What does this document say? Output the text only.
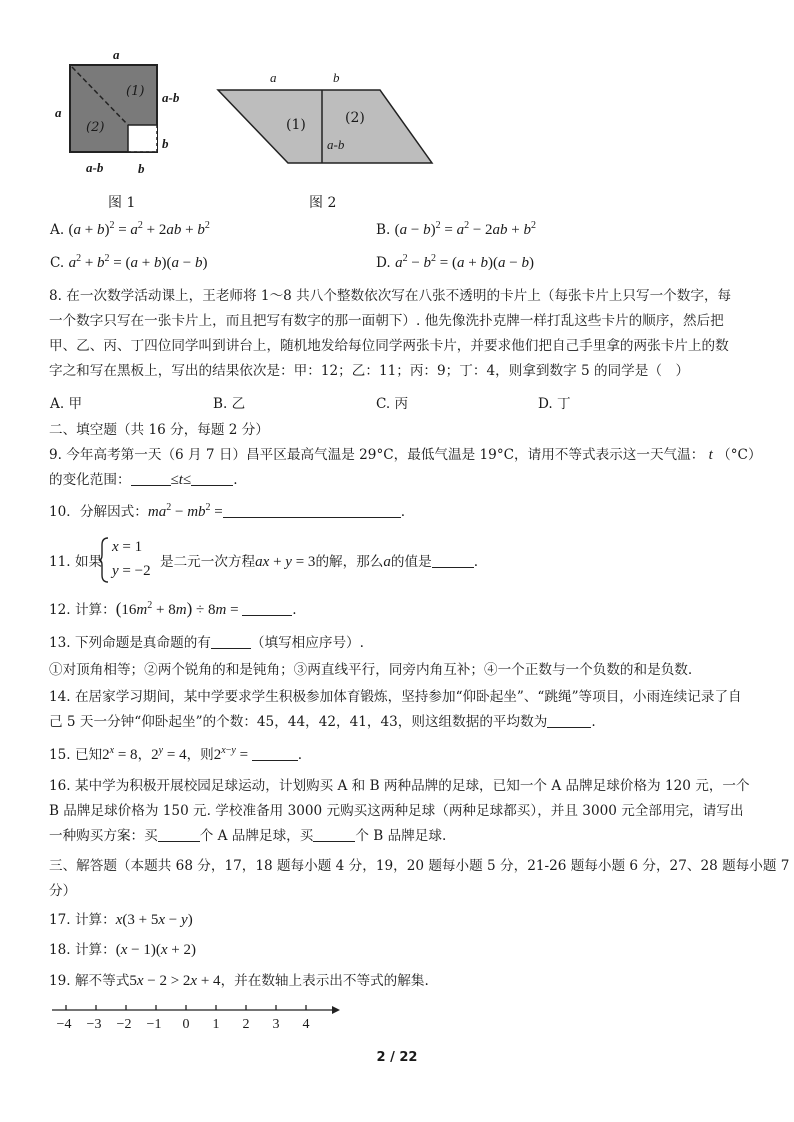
a
a
a-b
b
a-b	b
(1)
(2)
图 1
a	b
a-b
(1)	(2)
图 2
A. $(a + b)^2 = a^2 + 2ab + b^2$	B. $(a - b)^2 = a^2 - 2ab + b^2$
C. $a^2 + b^2 = (a + b)(a - b)$	D. $a^2 - b^2 = (a + b)(a - b)$
8. 在一次数学活动课上，王老师将 1～8 共八个整数依次写在八张不透明的卡片上（每张卡片上只写一个数字，每
一个数字只写在一张卡片上，而且把写有数字的那一面朝下）. 他先像洗扑克牌一样打乱这些卡片的顺序，然后把
甲、乙、丙、丁四位同学叫到讲台上，随机地发给每位同学两张卡片，并要求他们把自己手里拿的两张卡片上的数
字之和写在黑板上，写出的结果依次是：甲：12；乙：11；丙：9；丁：4，则拿到数字 5 的同学是（　）
A. 甲	B. 乙	C. 丙	D. 丁
二、填空题（共 16 分，每题 2 分）
9. 今年高考第一天（6 月 7 日）昌平区最高气温是 29°C，最低气温是 19°C，请用不等式表示这一天气温： t （°C）
的变化范围：	≤t≤	.
10．分解因式：$ma^2 - mb^2$ =	.
11. 如果
x = 1
y = −2
是二元一次方程ax + y = 3的解，那么a的值是	.
12. 计算：$(16m^2 + 8m) \div 8m$ =	.
13. 下列命题是真命题的有	（填写相应序号）.
①对顶角相等；②两个锐角的和是钝角；③两直线平行，同旁内角互补；④一个正数与一个负数的和是负数.
14. 在居家学习期间，某中学要求学生积极参加体育锻炼，坚持参加“仰卧起坐”、“跳绳”等项目，小雨连续记录了自
己 5 天一分钟“仰卧起坐”的个数：45，44，42，41，43，则这组数据的平均数为	.
15. 已知$2^x = 8$，$2^y = 4$，则$2^{x-y}$ =	.
16. 某中学为积极开展校园足球运动，计划购买 A 和 B 两种品牌的足球，已知一个 A 品牌足球价格为 120 元，一个
B 品牌足球价格为 150 元. 学校准备用 3000 元购买这两种足球（两种足球都买），并且 3000 元全部用完，请写出
一种购买方案：买	个 A 品牌足球，买	个 B 品牌足球.
三、解答题（本题共 68 分，17，18 题每小题 4 分，19，20 题每小题 5 分，21-26 题每小题 6 分，27、28 题每小题 7
分）
17. 计算：x(3 + 5x − y)
18. 计算：(x − 1)(x + 2)
19. 解不等式5x − 2 > 2x + 4，并在数轴上表示出不等式的解集.
−4	−3	−2	−1	0	1	2	3	4
2 / 22
